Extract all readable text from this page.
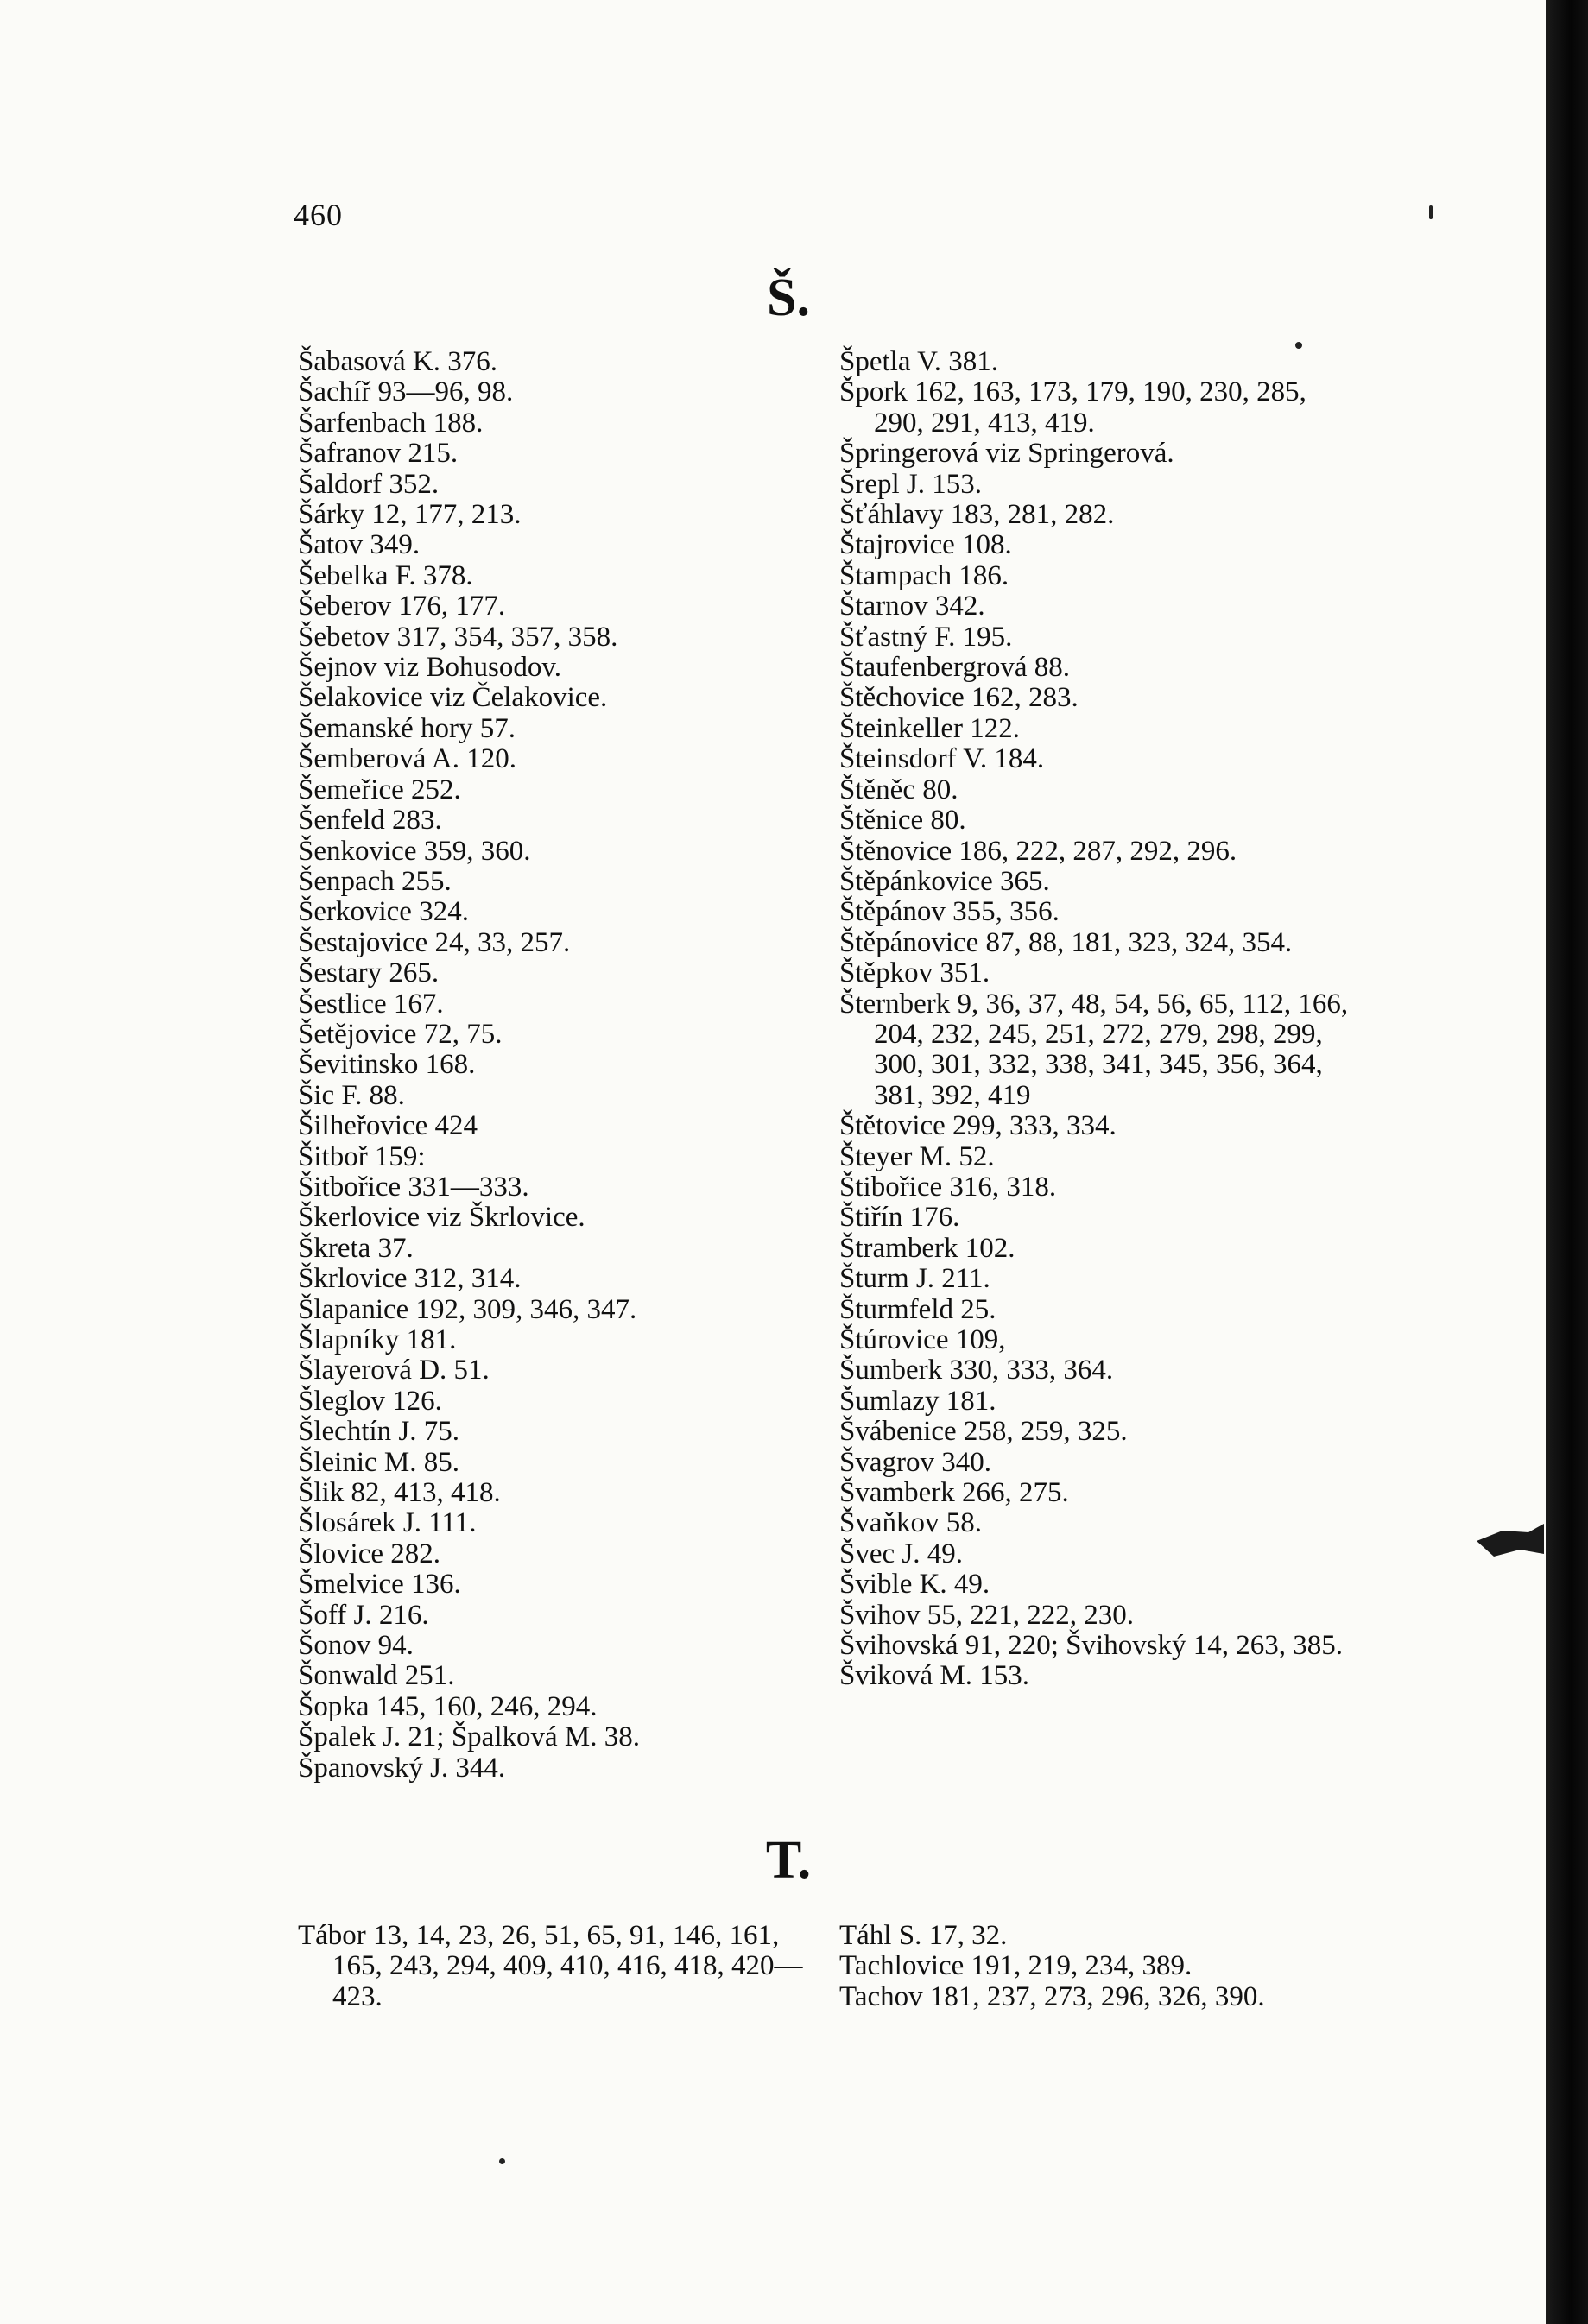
460
Š.
Šabasová K. 376.
Šachíř 93—96, 98.
Šarfenbach 188.
Šafranov 215.
Šaldorf 352.
Šárky 12, 177, 213.
Šatov 349.
Šebelka F. 378.
Šeberov 176, 177.
Šebetov 317, 354, 357, 358.
Šejnov viz Bohusodov.
Šelakovice viz Čelakovice.
Šemanské hory 57.
Šemberová A. 120.
Šemeřice 252.
Šenfeld 283.
Šenkovice 359, 360.
Šenpach 255.
Šerkovice 324.
Šestajovice 24, 33, 257.
Šestary 265.
Šestlice 167.
Šetějovice 72, 75.
Ševitinsko 168.
Šic F. 88.
Šilheřovice 424
Šitboř 159:
Šitbořice 331—333.
Škerlovice viz Škrlovice.
Škreta 37.
Škrlovice 312, 314.
Šlapanice 192, 309, 346, 347.
Šlapníky 181.
Šlayerová D. 51.
Šleglov 126.
Šlechtín J. 75.
Šleinic M. 85.
Šlik 82, 413, 418.
Šlosárek J. 111.
Šlovice 282.
Šmelvice 136.
Šoff J. 216.
Šonov 94.
Šonwald 251.
Šopka 145, 160, 246, 294.
Špalek J. 21; Špalková M. 38.
Španovský J. 344.
Špetla V. 381.
Špork 162, 163, 173, 179, 190, 230, 285, 290, 291, 413, 419.
Špringerová viz Springerová.
Šrepl J. 153.
Šťáhlavy 183, 281, 282.
Štajrovice 108.
Štampach 186.
Štarnov 342.
Šťastný F. 195.
Štaufenbergrová 88.
Štěchovice 162, 283.
Šteinkeller 122.
Šteinsdorf V. 184.
Štěněc 80.
Štěnice 80.
Štěnovice 186, 222, 287, 292, 296.
Štěpánkovice 365.
Štěpánov 355, 356.
Štěpánovice 87, 88, 181, 323, 324, 354.
Štěpkov 351.
Šternberk 9, 36, 37, 48, 54, 56, 65, 112, 166, 204, 232, 245, 251, 272, 279, 298, 299, 300, 301, 332, 338, 341, 345, 356, 364, 381, 392, 419
Štětovice 299, 333, 334.
Šteyer M. 52.
Štibořice 316, 318.
Štiřín 176.
Štramberk 102.
Šturm J. 211.
Šturmfeld 25.
Štúrovice 109,
Šumberk 330, 333, 364.
Šumlazy 181.
Švábenice 258, 259, 325.
Švagrov 340.
Švamberk 266, 275.
Švaňkov 58.
Švec J. 49.
Švible K. 49.
Švihov 55, 221, 222, 230.
Švihovská 91, 220; Švihovský 14, 263, 385.
Šviková M. 153.
T.
Tábor 13, 14, 23, 26, 51, 65, 91, 146, 161, 165, 243, 294, 409, 410, 416, 418, 420—423.
Táhl S. 17, 32.
Tachlovice 191, 219, 234, 389.
Tachov 181, 237, 273, 296, 326, 390.
